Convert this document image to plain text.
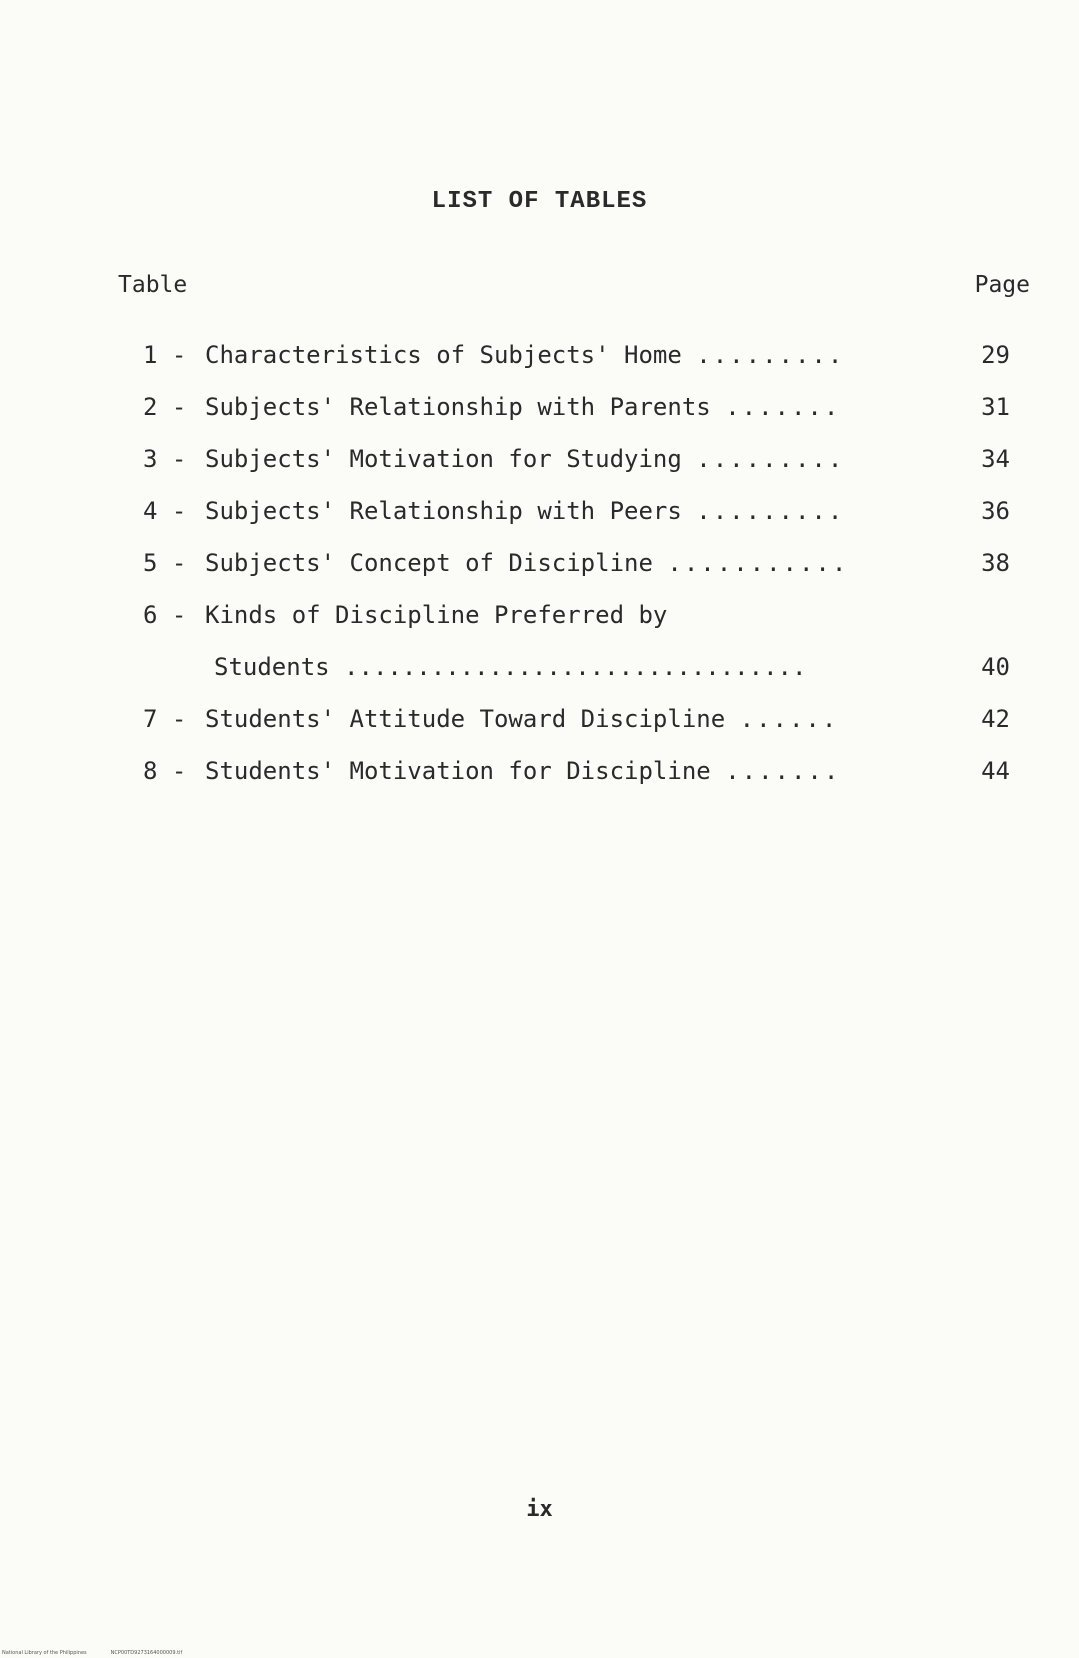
LIST OF TABLES
Table	Page
1 - Characteristics of Subjects' Home .........	29
2 - Subjects' Relationship with Parents .......	31
3 - Subjects' Motivation for Studying .........	34
4 - Subjects' Relationship with Peers .........	36
5 - Subjects' Concept of Discipline ...........	38
6 - Kinds of Discipline Preferred by
Students ................................	40
7 - Students' Attitude Toward Discipline ......	42
8 - Students' Motivation for Discipline .......	44
ix
National Library of the Philippines	NCP00TD9273164000009.tif
